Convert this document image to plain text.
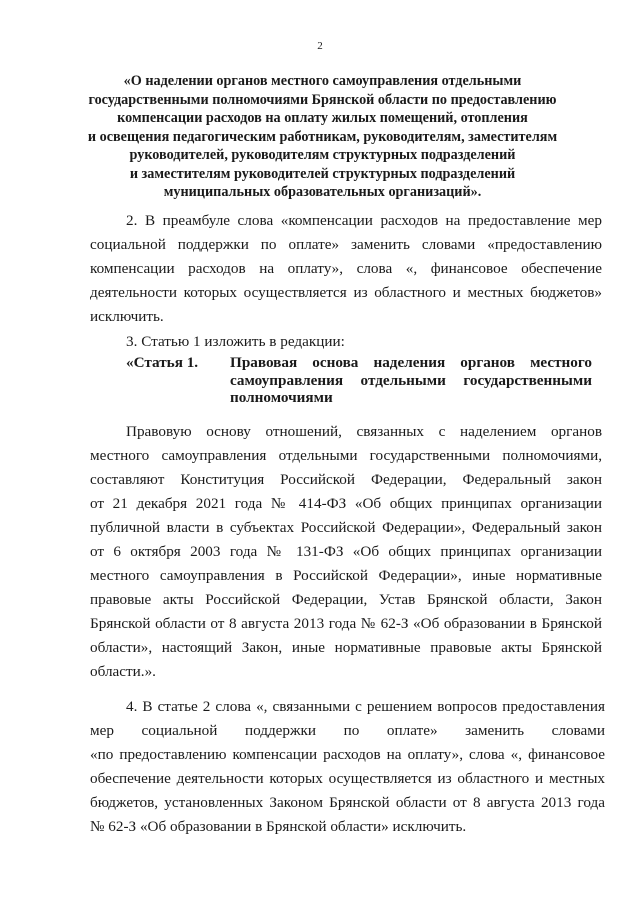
2
«О наделении органов местного самоуправления отдельными
государственными полномочиями Брянской области по предоставлению
компенсации расходов на оплату жилых помещений, отопления
и освещения педагогическим работникам, руководителям, заместителям
руководителей, руководителям структурных подразделений
и заместителям руководителей структурных подразделений
муниципальных образовательных организаций».
2. В преамбуле слова «компенсации расходов на предоставление мер
социальной поддержки по оплате» заменить словами «предоставлению
компенсации расходов на оплату», слова «, финансовое обеспечение
деятельности которых осуществляется из областного и местных бюджетов»
исключить.
3. Статью 1 изложить в редакции:
«Статья 1. Правовая основа наделения органов местного
самоуправления отдельными государственными
полномочиями
Правовую основу отношений, связанных с наделением органов
местного самоуправления отдельными государственными полномочиями,
составляют Конституция Российской Федерации, Федеральный закон
от 21 декабря 2021 года № 414-ФЗ «Об общих принципах организации
публичной власти в субъектах Российской Федерации», Федеральный закон
от 6 октября 2003 года № 131-ФЗ «Об общих принципах организации
местного самоуправления в Российской Федерации», иные нормативные
правовые акты Российской Федерации, Устав Брянской области, Закон
Брянской области от 8 августа 2013 года № 62-З «Об образовании в Брянской
области», настоящий Закон, иные нормативные правовые акты Брянской
области.».
4. В статье 2 слова «, связанными с решением вопросов предоставления
мер социальной поддержки по оплате» заменить словами
«по предоставлению компенсации расходов на оплату», слова «, финансовое
обеспечение деятельности которых осуществляется из областного и местных
бюджетов, установленных Законом Брянской области от 8 августа 2013 года
№ 62-З «Об образовании в Брянской области» исключить.
